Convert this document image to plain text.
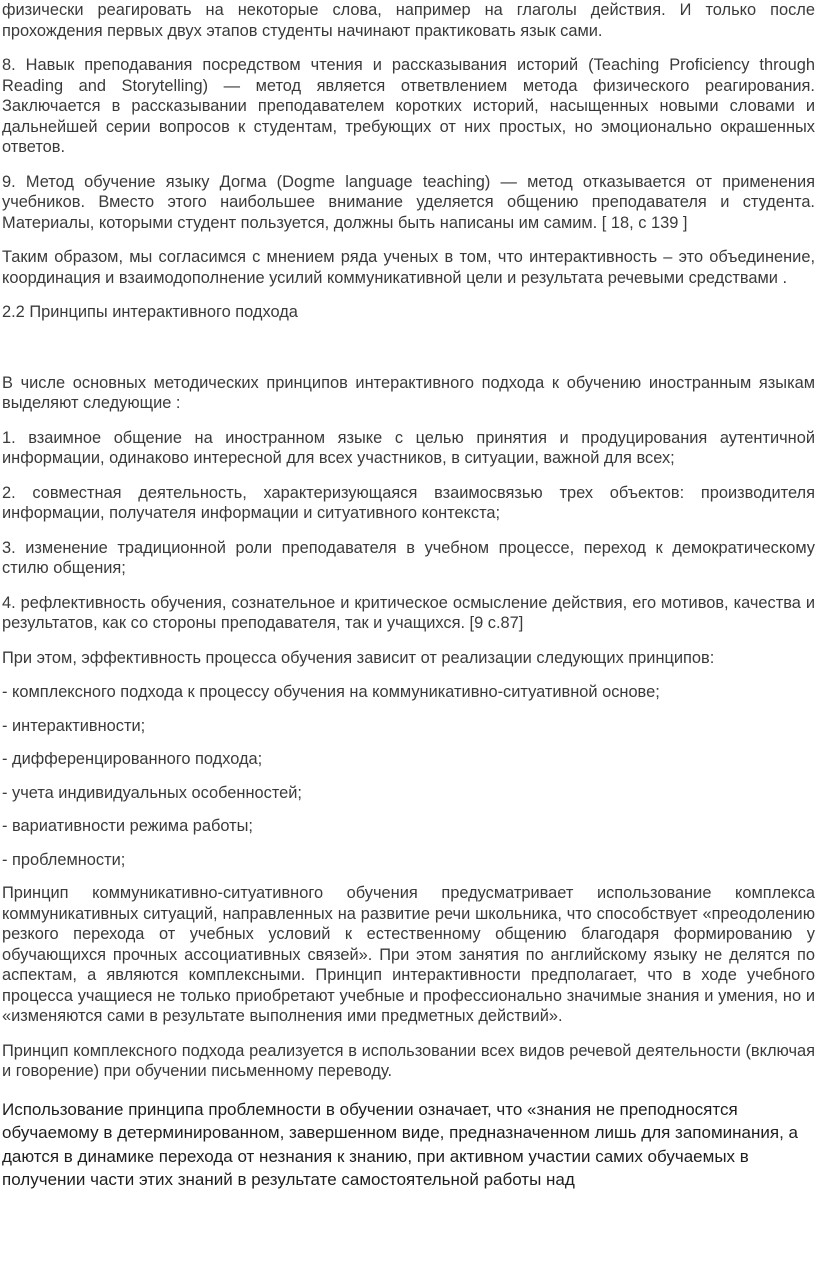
физически реагировать на некоторые слова, например на глаголы действия. И только после прохождения первых двух этапов студенты начинают практиковать язык сами.

8. Навык преподавания посредством чтения и рассказывания историй (Teaching Proficiency through Reading and Storytelling) — метод является ответвлением метода физического реагирования. Заключается в рассказывании преподавателем коротких историй, насыщенных новыми словами и дальнейшей серии вопросов к студентам, требующих от них простых, но эмоционально окрашенных ответов.

9. Метод обучение языку Догма (Dogme language teaching) — метод отказывается от применения учебников. Вместо этого наибольшее внимание уделяется общению преподавателя и студента. Материалы, которыми студент пользуется, должны быть написаны им самим. [ 18, с 139 ]

Таким образом, мы согласимся с мнением ряда ученых в том, что интерактивность – это объединение, координация и взаимодополнение усилий коммуникативной цели и результата речевыми средствами .

2.2 Принципы интерактивного подхода

В числе основных методических принципов интерактивного подхода к обучению иностранным языкам выделяют следующие :

1. взаимное общение на иностранном языке с целью принятия и продуцирования аутентичной информации, одинаково интересной для всех участников, в ситуации, важной для всех;

2. совместная деятельность, характеризующаяся взаимосвязью трех объектов: производителя информации, получателя информации и ситуативного контекста;

3. изменение традиционной роли преподавателя в учебном процессе, переход к демократическому стилю общения;

4. рефлективность обучения, сознательное и критическое осмысление действия, его мотивов, качества и результатов, как со стороны преподавателя, так и учащихся. [9 с.87]

При этом, эффективность процесса обучения зависит от реализации следующих принципов:

- комплексного подхода к процессу обучения на коммуникативно-ситуативной основе;

- интерактивности;

- дифференцированного подхода;

- учета индивидуальных особенностей;

- вариативности режима работы;

- проблемности;

Принцип коммуникативно-ситуативного обучения предусматривает использование комплекса коммуникативных ситуаций, направленных на развитие речи школьника, что способствует «преодолению резкого перехода от учебных условий к естественному общению благодаря формированию у обучающихся прочных ассоциативных связей». При этом занятия по английскому языку не делятся по аспектам, а являются комплексными. Принцип интерактивности предполагает, что в ходе учебного процесса учащиеся не только приобретают учебные и профессионально значимые знания и умения, но и «изменяются сами в результате выполнения ими предметных действий».

Принцип комплексного подхода реализуется в использовании всех видов речевой деятельности (включая и говорение) при обучении письменному переводу.

Использование принципа проблемности в обучении означает, что «знания не преподносятся обучаемому в детерминированном, завершенном виде, предназначенном лишь для запоминания, а даются в динамике перехода от незнания к знанию, при активном участии самих обучаемых в получении части этих знаний в результате самостоятельной работы над
